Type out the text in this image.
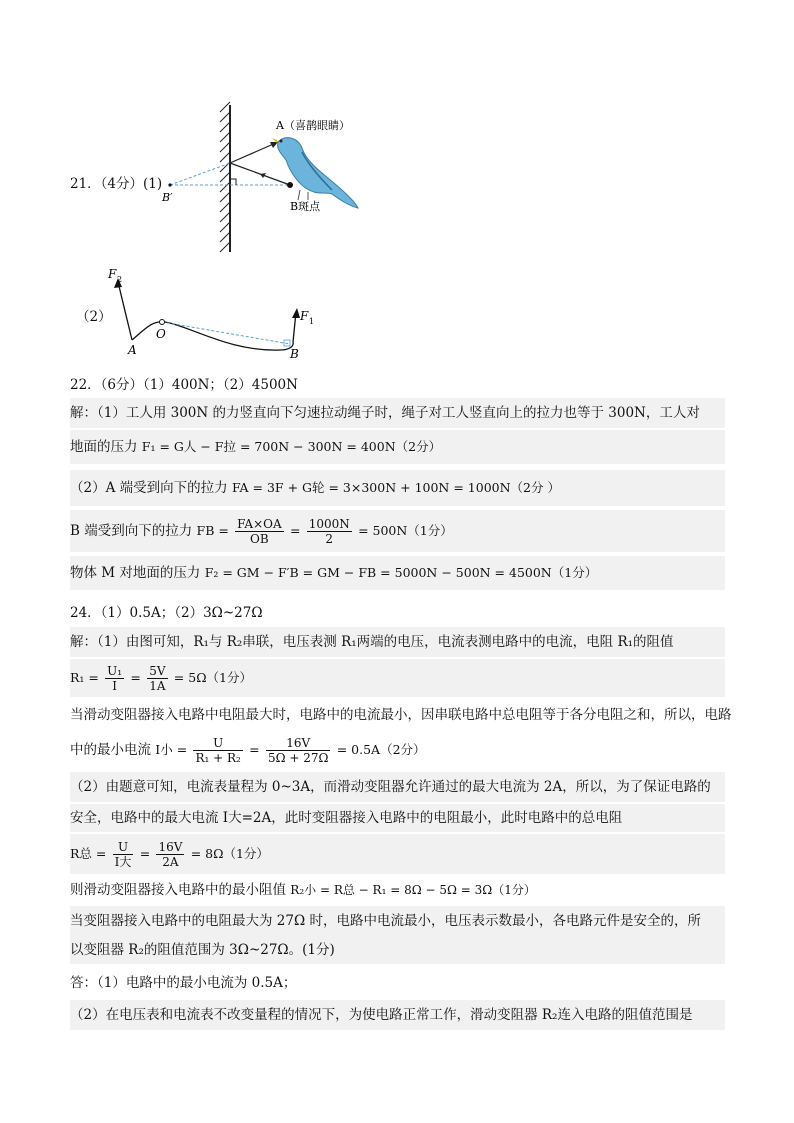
21．（4分）(1)
A（喜鹊眼睛）
B斑点
B′
（2）
F 2
F 1
A
O
B
22．（6分）（1）400N；（2）4500N
解：（1）工人用 300N 的力竖直向下匀速拉动绳子时，绳子对工人竖直向上的拉力也等于 300N，工人对
地面的压力 F₁ = G人 − F拉 = 700N − 300N = 400N（2分）
（2）A 端受到向下的拉力 FA = 3F + G轮 = 3×300N + 100N = 1000N（2分 ）
B 端受到向下的拉力 FB = $\frac{FA\times OA}{OB} = \frac{1000N}{2} = 500N(1$分）
物体 M 对地面的压力 F₂ = GM − F′B = GM − FB = 5000N − 500N = 4500N（1分）
24．（1）0.5A；（2）3Ω~27Ω
解：（1）由图可知，R₁与 R₂串联，电压表测 R₁两端的电压，电流表测电路中的电流，电阻 R₁的阻值
$R_1 = \frac{\text{U₁}}{I} = \frac{5V}{1A} = 5\Omega(1$分）
当滑动变阻器接入电路中电阻最大时，电路中的电流最小，因串联电路中总电阻等于各分电阻之和，所以，电路
中的最小电流 I小 = $\frac{U}{\text{R₁ + R₂}} = \frac{16V}{5\Omega + 27\Omega} = 0.5A(2$分）
（2）由题意可知，电流表量程为 0~3A，而滑动变阻器允许通过的最大电流为 2A，所以，为了保证电路的
安全，电路中的最大电流 I大=2A，此时变阻器接入电路中的电阻最小，此时电路中的总电阻
R总 = $\frac{U}{\text{I大}} = \frac{16V}{2A} = 8\Omega(1$分）
则滑动变阻器接入电路中的最小阻值 R₂小 = R总 − R₁ = 8Ω − 5Ω = 3Ω（1分）
当变阻器接入电路中的电阻最大为 27Ω 时，电路中电流最小，电压表示数最小，各电路元件是安全的，所
以变阻器 R₂的阻值范围为 3Ω~27Ω。(1分)
答：（1）电路中的最小电流为 0.5A；
（2）在电压表和电流表不改变量程的情况下，为使电路正常工作，滑动变阻器 R₂连入电路的阻值范围是
